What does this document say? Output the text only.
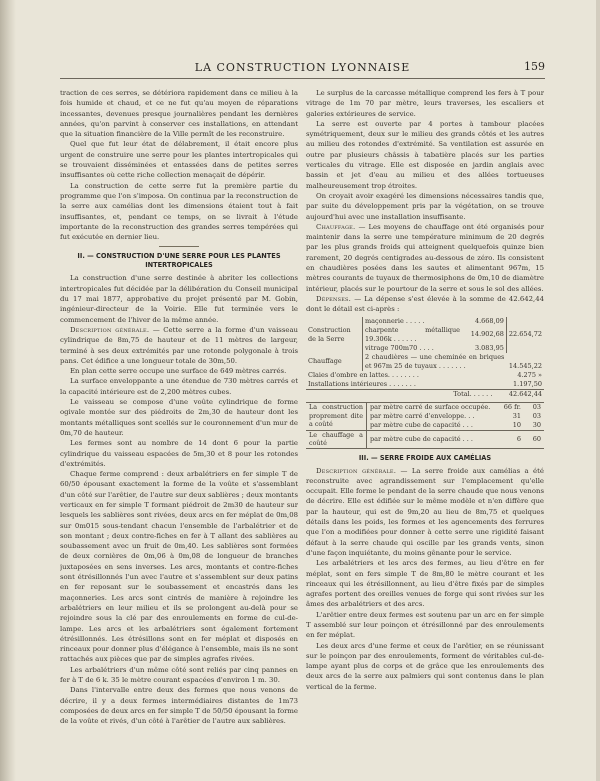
LA CONSTRUCTION LYONNAISE	159

traction de ces serres, se détériora rapidement dans ce milieu à la fois humide et chaud, et ce ne fut qu'au moyen de réparations incessantes, devenues presque journalières pendant les dernières années, qu'on parvint à conserver ces installations, en attendant que la situation financière de la Ville permît de les reconstruire.

Quel que fut leur état de délabrement, il était encore plus urgent de construire une serre pour les plantes intertropicales qui se trouvaient disséminées et entassées dans de petites serres insuffisantes où cette riche collection menaçait de dépérir.

La construction de cette serre fut la première partie du programme que l'on s'imposa. On continua par la reconstruction de la serre aux camélias dont les dimensions étaient tout à fait insuffisantes, et, pendant ce temps, on se livrait à l'étude importante de la reconstruction des grandes serres tempérées qui fut exécutée en dernier lieu.

II. — CONSTRUCTION D'UNE SERRE POUR LES PLANTES INTERTROPICALES

La construction d'une serre destinée à abriter les collections intertropicales fut décidée par la délibération du Conseil municipal du 17 mai 1877, approbative du projet présenté par M. Gobin, ingénieur-directeur de la Voirie. Elle fut terminée vers le commencement de l'hiver de la même année.

Description générale. — Cette serre a la forme d'un vaisseau cylindrique de 8m,75 de hauteur et de 11 mètres de largeur, terminé à ses deux extrémités par une rotonde polygonale à trois pans. Cet édifice a une longueur totale de 30m,50.

En plan cette serre occupe une surface de 649 mètres carrés.

La surface enveloppante a une étendue de 730 mètres carrés et la capacité intérieure est de 2,200 mètres cubes.

Le vaisseau se compose d'une voûte cylindrique de forme ogivale montée sur des piédroits de 2m,30 de hauteur dont les montants métalliques sont scellés sur le couronnement d'un mur de 0m,70 de hauteur.

Les fermes sont au nombre de 14 dont 6 pour la partie cylindrique du vaisseau espacées de 5m,30 et 8 pour les rotondes d'extrémités.

Chaque ferme comprend : deux arbalétriers en fer simple T de 60/50 épousant exactement la forme de la voûte et s'assemblant d'un côté sur l'arêtier, de l'autre sur deux sablières ; deux montants verticaux en fer simple T formant piédroit de 2m30 de hauteur sur lesquels les sablières sont rivées, deux arcs en fer méplat de 0m,08 sur 0m015 sous-tendant chacun l'ensemble de l'arbalétrier et de son montant ; deux contre-fiches en fer à T allant des sablières au soubassement avec un fruit de 0m,40. Les sablières sont formées de deux cornières de 0m,06 à 0m,08 de longueur de branches juxtaposées en sens inverses. Les arcs, montants et contre-fiches sont étrésillonnés l'un avec l'autre et s'assemblent sur deux patins en fer reposant sur le soubassement et encastrés dans les maçonneries. Les arcs sont cintrés de manière à rejoindre les arbalétriers en leur milieu et ils se prolongent au-delà pour se rejoindre sous la clé par des enroulements en forme de cul-de-lampe. Les arcs et les arbalétriers sont également fortement étrésillonnés. Les étrésillons sont en fer méplat et disposés en rinceaux pour donner plus d'élégance à l'ensemble, mais ils ne sont rattachés aux pièces que par de simples agrafes rivées.

Les arbalétriers d'un même côté sont reliés par cinq pannes en fer à T de 6 k. 35 le mètre courant espacées d'environ 1 m. 30.

Dans l'intervalle entre deux des fermes que nous venons de décrire, il y a deux fermes intermédiaires distantes de 1m73 composées de deux arcs en fer simple T de 50/50 épousant la forme de la voûte et rivés, d'un côté à l'arêtier de l'autre aux sablières.

Le surplus de la carcasse métallique comprend les fers à T pour vitrage de 1m 70 par mètre, leurs traverses, les escaliers et galeries extérieures de service.

La serre est ouverte par 4 portes à tambour placées symétriquement, deux sur le milieu des grands côtés et les autres au milieu des rotondes d'extrémité. Sa ventilation est assurée en outre par plusieurs châssis à tabatière placés sur les parties verticales du vitrage. Elle est disposée en jardin anglais avec bassin et jet d'eau au milieu et des allées tortueuses malheureusement trop étroites.

On croyait avoir exagéré les dimensions nécessaires tandis que, par suite du développement pris par la végétation, on se trouve aujourd'hui avec une installation insuffisante.

Chauffage. — Les moyens de chauffage ont été organisés pour maintenir dans la serre une température minimum de 20 degrés par les plus grands froids qui atteignent quelquefois quinze bien rarement, 20 degrés centigrades au-dessous de zéro. Ils consistent en chaudières posées dans les sautes et alimentant 967m, 15 mètres courants de tuyaux de thermosiphons de 0m,10 de diamètre intérieur, placés sur le pourtour de la serre et sous le sol des allées.

Dépenses. — La dépense s'est élevée à la somme de 42.642,44 dont le détail est ci-après :

Construction de la Serre	maçonnerie . . . . .	4.668,09	22.654,72
	charpente métallique 19.306k . . . . . .	14.902,68	
	vitrage 700m70 . . . .	3.083,95	
Chauffage	2 chaudières — une cheminée en briques et 967m 25 de tuyaux . . . . . . .		14.545,22
Claies d'ombre en lattes. . . . . . . .			4.275 »
Installations intérieures . . . . . . .			1.197,50
Total. . . . . .			42.642,44
La construction proprement dite a coûté	par mètre carré de surface occupée.	66 fr.	03
	par mètre carré d'enveloppe. . .	31	03
	par mètre cube de capacité . . .	10	30
Le chauffage a coûté	par mètre cube de capacité . . .	6	60
III. — SERRE FROIDE AUX CAMÉLIAS

Description générale. — La serre froide aux camélias a été reconstruite avec agrandissement sur l'emplacement qu'elle occupait. Elle forme le pendant de la serre chaude que nous venons de décrire. Elle est édifiée sur le même modèle et n'en diffère que par la hauteur, qui est de 9m,20 au lieu de 8m,75 et quelques détails dans les poids, les formes et les agencements des ferrures que l'on a modifiées pour donner à cette serre une rigidité faisant défaut à la serre chaude qui oscille par les grands vents, sinon d'une façon inquiétante, du moins gênante pour le service.

Les arbalétriers et les arcs des fermes, au lieu d'être en fer méplat, sont en fers simple T de 8m,80 le mètre courant et les rinceaux qui les étrésillonnent, au lieu d'être fixés par de simples agrafes portent des oreilles venues de forge qui sont rivées sur les âmes des arbalétriers et des arcs.

L'arêtier entre deux fermes est soutenu par un arc en fer simple T assemblé sur leur poinçon et étrésillonné par des enroulements en fer méplat.

Les deux arcs d'une ferme et ceux de l'arêtier, en se réunissant sur le poinçon par des enroulements, forment de véritables cul-de-lampe ayant plus de corps et de grâce que les enroulements des deux arcs de la serre aux palmiers qui sont contenus dans le plan vertical de la ferme.
